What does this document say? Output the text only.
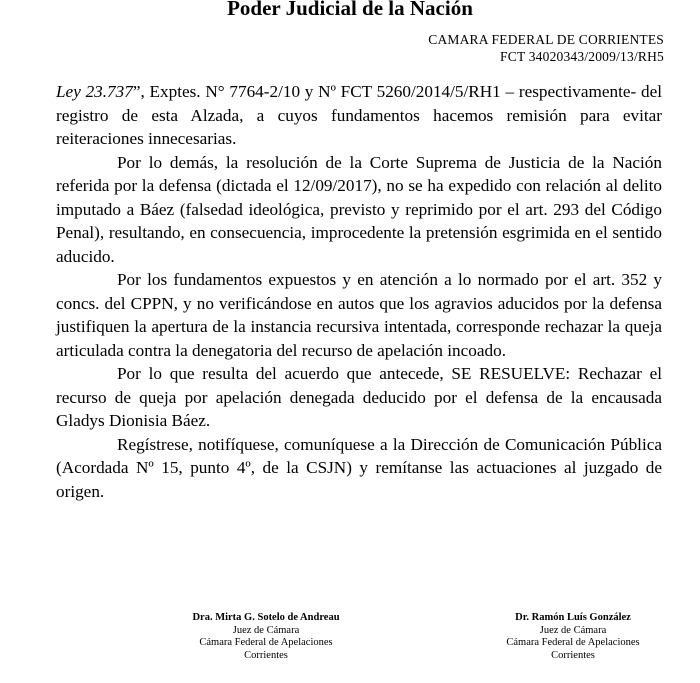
Poder Judicial de la Nación
CAMARA FEDERAL DE CORRIENTES
FCT 34020343/2009/13/RH5

Ley 23.737”, Exptes. N° 7764-2/10 y Nº FCT 5260/2014/5/RH1 – respectivamente- del registro de esta Alzada, a cuyos fundamentos hacemos remisión para evitar reiteraciones innecesarias.

Por lo demás, la resolución de la Corte Suprema de Justicia de la Nación referida por la defensa (dictada el 12/09/2017), no se ha expedido con relación al delito imputado a Báez (falsedad ideológica, previsto y reprimido por el art. 293 del Código Penal), resultando, en consecuencia, improcedente la pretensión esgrimida en el sentido aducido.

Por los fundamentos expuestos y en atención a lo normado por el art. 352 y concs. del CPPN, y no verificándose en autos que los agravios aducidos por la defensa justifiquen la apertura de la instancia recursiva intentada, corresponde rechazar la queja articulada contra la denegatoria del recurso de apelación incoado.

Por lo que resulta del acuerdo que antecede, SE RESUELVE: Rechazar el recurso de queja por apelación denegada deducido por el defensa de la encausada Gladys Dionisia Báez.

Regístrese, notifíquese, comuníquese a la Dirección de Comunicación Pública (Acordada Nº 15, punto 4º, de la CSJN) y remítanse las actuaciones al juzgado de origen.

Dra. Mirta G. Sotelo de Andreau
Juez de Cámara
Cámara Federal de Apelaciones
Corrientes
Dr. Ramón Luís González
Juez de Cámara
Cámara Federal de Apelaciones
Corrientes
